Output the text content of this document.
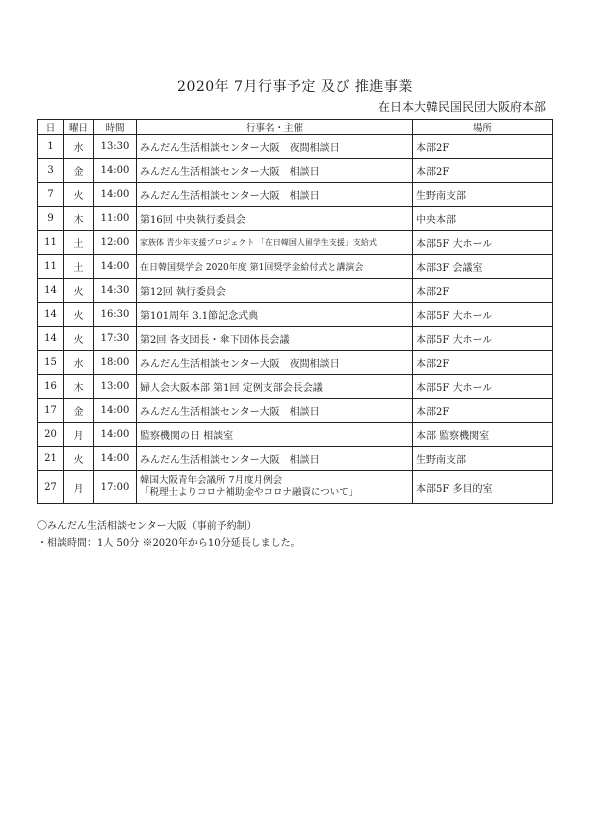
2020年 7月行事予定 及び 推進事業
在日本大韓民国民団大阪府本部
日	曜日	時間	行事名・主催	場所
1	水	13:30	みんだん生活相談センター大阪　夜間相談日	本部2F
3	金	14:00	みんだん生活相談センター大阪　相談日	本部2F
7	火	14:00	みんだん生活相談センター大阪　相談日	生野南支部
9	木	11:00	第16回 中央執行委員会	中央本部
11	土	12:00	家族体 青少年支援プロジェクト 「在日韓国人留学生支援」支給式	本部5F 大ホール
11	土	14:00	在日韓国奨学会 2020年度 第1回奨学金給付式と講演会	本部3F 会議室
14	火	14:30	第12回 執行委員会	本部2F
14	火	16:30	第101周年 3.1節記念式典	本部5F 大ホール
14	火	17:30	第2回 各支団長・傘下団体長会議	本部5F 大ホール
15	水	18:00	みんだん生活相談センター大阪　夜間相談日	本部2F
16	木	13:00	婦人会大阪本部 第1回 定例支部会長会議	本部5F 大ホール
17	金	14:00	みんだん生活相談センター大阪　相談日	本部2F
20	月	14:00	監察機関の日 相談室	本部 監察機関室
21	火	14:00	みんだん生活相談センター大阪　相談日	生野南支部
27	月	17:00	韓国大阪青年会議所 7月度月例会
「税理士よりコロナ補助金やコロナ融資について」	本部5F 多目的室
〇みんだん生活相談センター大阪（事前予約制）
・相談時間：1人 50分 ※2020年から10分延長しました。
